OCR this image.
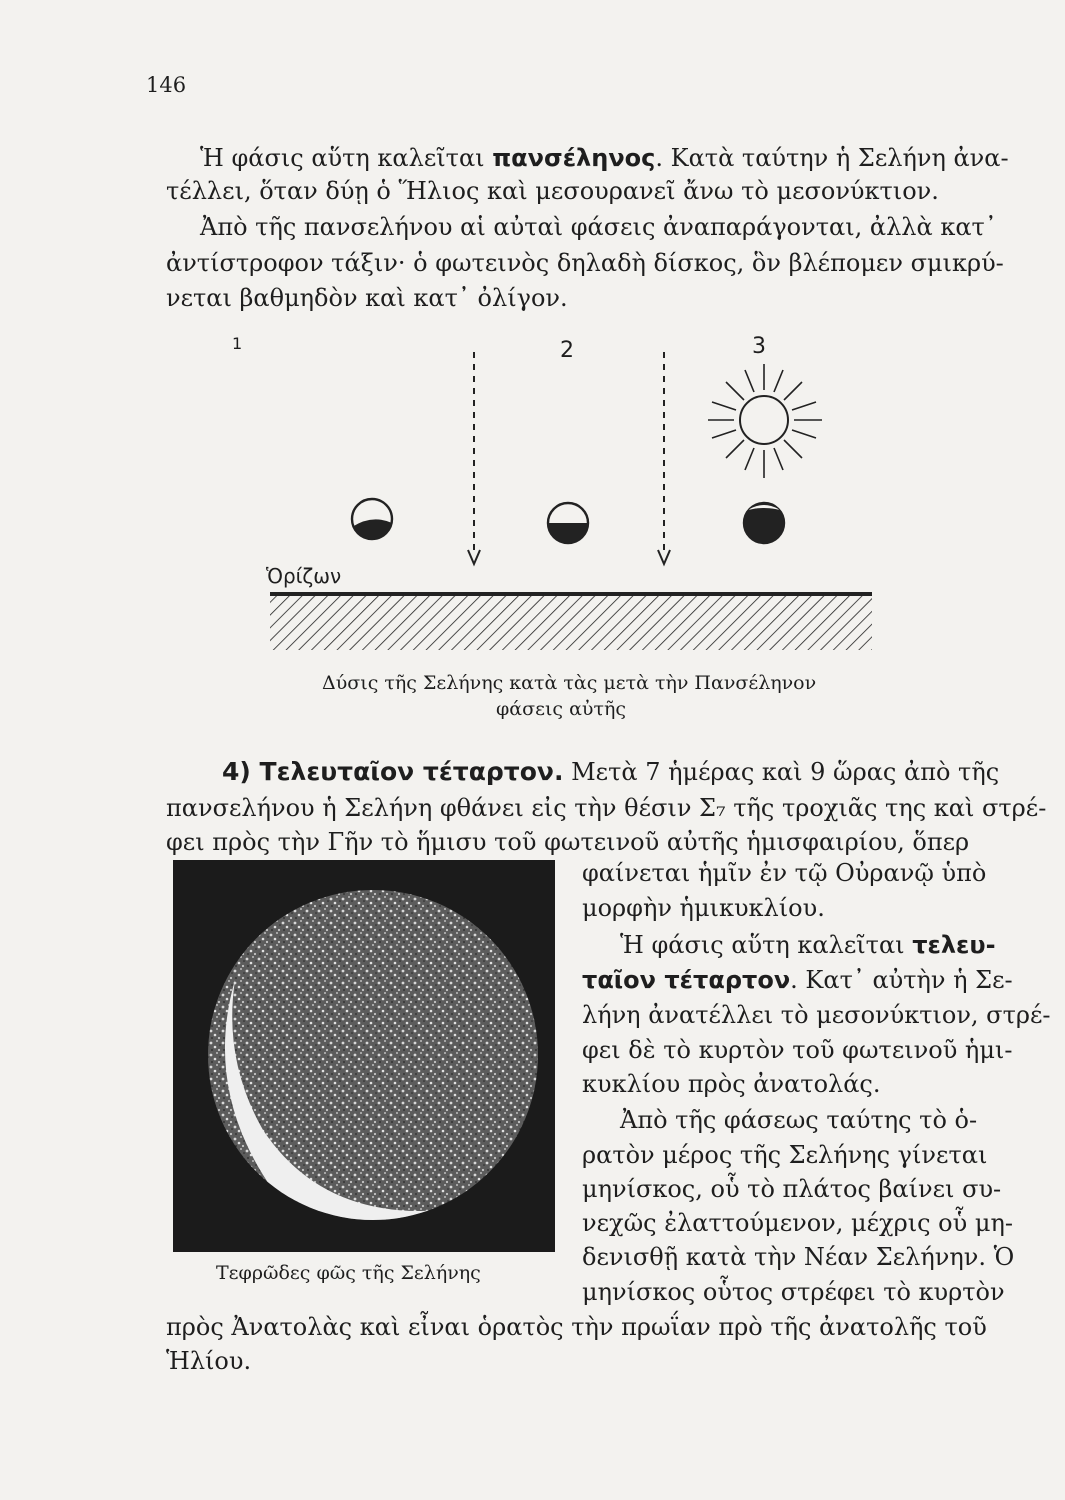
146
Ἡ φάσις αὕτη καλεῖται πανσέληνος. Κατὰ ταύτην ἡ Σελήνη ἀνα-
τέλλει, ὅταν δύῃ ὁ Ἥλιος καὶ μεσουρανεῖ ἄνω τὸ μεσονύκτιον.
Ἀπὸ τῆς πανσελήνου αἱ αὐταὶ φάσεις ἀναπαράγονται, ἀλλὰ κατ᾽
ἀντίστροφον τάξιν· ὁ φωτεινὸς δηλαδὴ δίσκος, ὃν βλέπομεν σμικρύ-
νεται βαθμηδὸν καὶ κατ᾽ ὀλίγον.
1	2	3
Ὁρίζων
Δύσις τῆς Σελήνης κατὰ τὰς μετὰ τὴν Πανσέληνον
φάσεις αὐτῆς
4) Τελευταῖον τέταρτον. Μετὰ 7 ἡμέρας καὶ 9 ὥρας ἀπὸ τῆς
πανσελήνου ἡ Σελήνη φθάνει εἰς τὴν θέσιν Σ₇ τῆς τροχιᾶς της καὶ στρέ-
φει πρὸς τὴν Γῆν τὸ ἥμισυ τοῦ φωτεινοῦ αὐτῆς ἡμισφαιρίου, ὅπερ
Τεφρῶδες φῶς τῆς Σελήνης
φαίνεται ἡμῖν ἐν τῷ Οὐρανῷ ὑπὸ
μορφὴν ἡμικυκλίου.
Ἡ φάσις αὕτη καλεῖται τελευ-
ταῖον τέταρτον. Κατ᾽ αὐτὴν ἡ Σε-
λήνη ἀνατέλλει τὸ μεσονύκτιον, στρέ-
φει δὲ τὸ κυρτὸν τοῦ φωτεινοῦ ἡμι-
κυκλίου πρὸς ἀνατολάς.
Ἀπὸ τῆς φάσεως ταύτης τὸ ὁ-
ρατὸν μέρος τῆς Σελήνης γίνεται
μηνίσκος, οὗ τὸ πλάτος βαίνει συ-
νεχῶς ἐλαττούμενον, μέχρις οὗ μη-
δενισθῇ κατὰ τὴν Νέαν Σελήνην. Ὁ
μηνίσκος οὗτος στρέφει τὸ κυρτὸν
πρὸς Ἀνατολὰς καὶ εἶναι ὁρατὸς τὴν πρωΐαν πρὸ τῆς ἀνατολῆς τοῦ
Ἡλίου.
